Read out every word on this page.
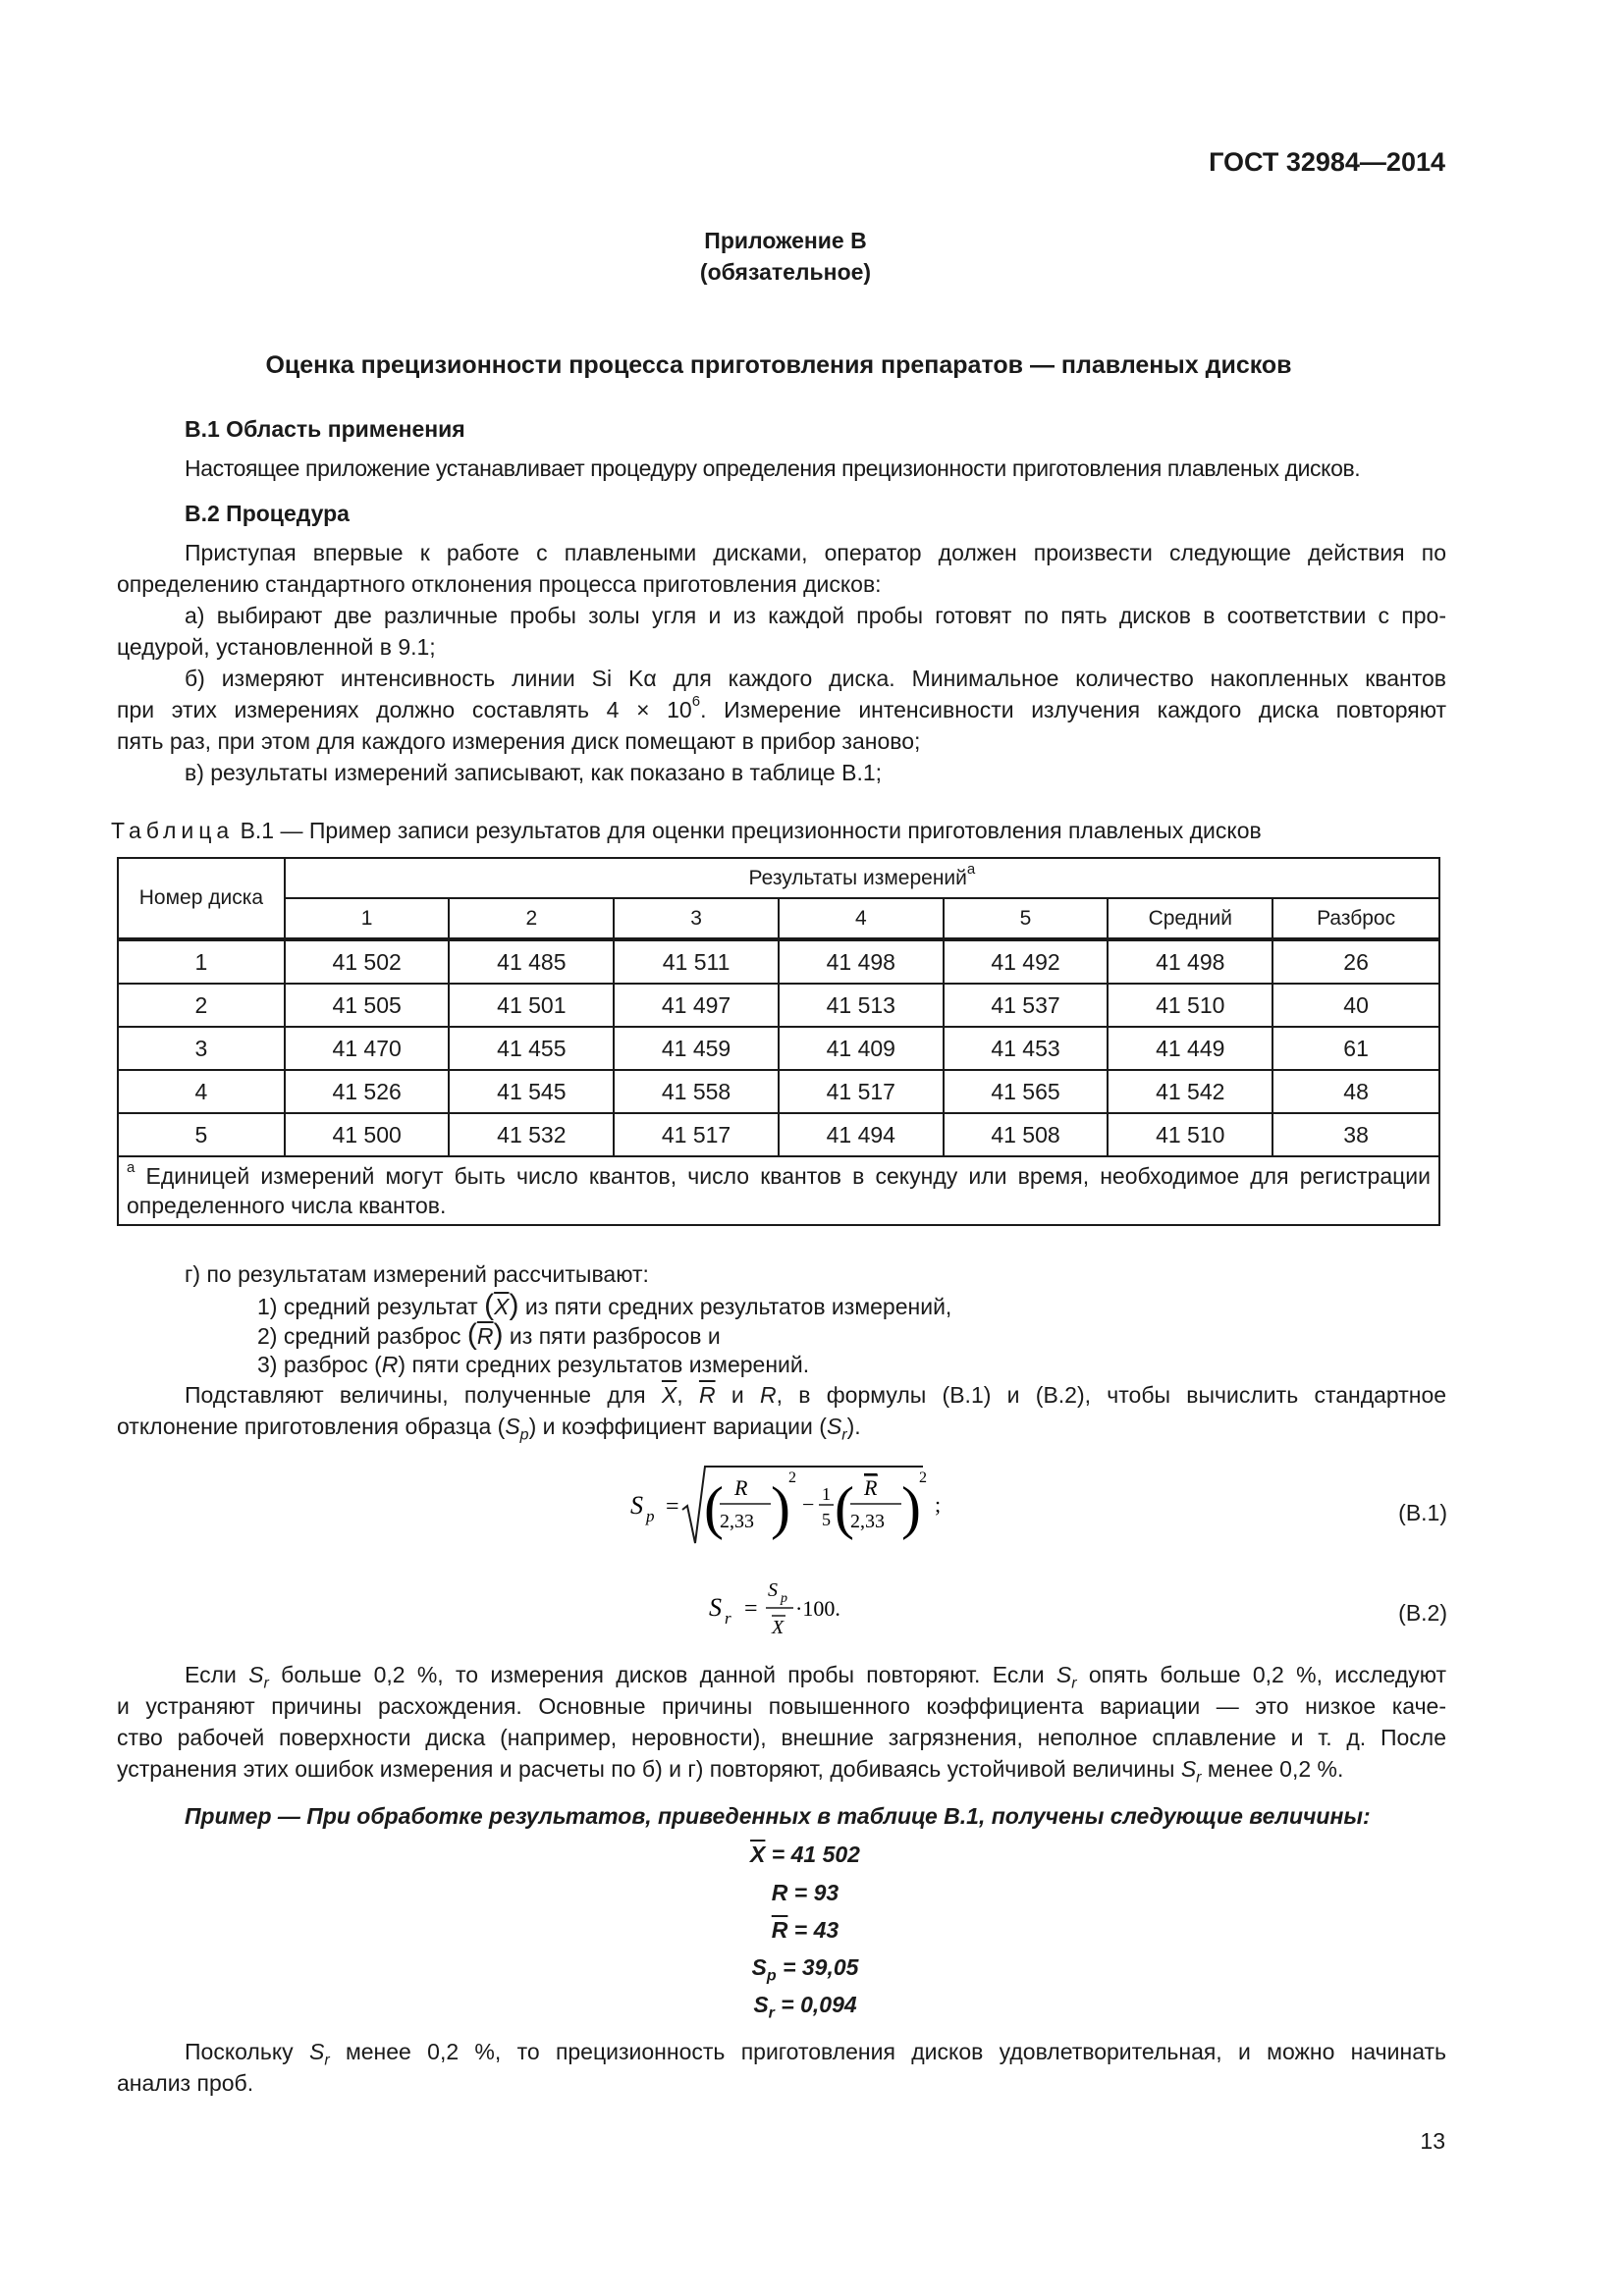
ГОСТ 32984—2014
Приложение В
(обязательное)
Оценка прецизионности процесса приготовления препаратов — плавленых дисков
В.1 Область применения
Настоящее приложение устанавливает процедуру определения прецизионности приготовления плавленых дисков.
В.2 Процедура
Приступая впервые к работе с плавлеными дисками, оператор должен произвести следующие действия по
определению стандартного отклонения процесса приготовления дисков:
а) выбирают две различные пробы золы угля и из каждой пробы готовят по пять дисков в соответствии с про-
цедурой, установленной в 9.1;
б) измеряют интенсивность линии Si Kα для каждого диска. Минимальное количество накопленных квантов
при этих измерениях должно составлять $4 \times 10^6$. Измерение интенсивности излучения каждого диска повторяют
пять раз, при этом для каждого измерения диск помещают в прибор заново;
в) результаты измерений записывают, как показано в таблице В.1;
Таблица В.1 — Пример записи результатов для оценки прецизионности приготовления плавленых дисков
Номер диска	Результаты измерений$^a$
	1	2	3	4	5	Средний	Разброс
1	41 502	41 485	41 511	41 498	41 492	41 498	26
2	41 505	41 501	41 497	41 513	41 537	41 510	40
3	41 470	41 455	41 459	41 409	41 453	41 449	61
4	41 526	41 545	41 558	41 517	41 565	41 542	48
5	41 500	41 532	41 517	41 494	41 508	41 510	38
$^a$ Единицей измерений могут быть число квантов, число квантов в секунду или время, необходимое для регистрации определенного числа квантов.							
г) по результатам измерений рассчитывают:
1) средний результат $(\overline{X})$ из пяти средних результатов измерений,
2) средний разброс $(\overline{R})$ из пяти разбросов и
3) разброс (R) пяти средних результатов измерений.
Подставляют величины, полученные для $\overline{X}$, $\overline{R}$ и R, в формулы (В.1) и (В.2), чтобы вычислить стандартное
отклонение приготовления образца $(S_p)$ и коэффициент вариации $(S_r)$.
S p = ( R
2,33 )
2
− 1
5 ( R
2,33 )
2
;	(В.1)
S r =
S p
X
·100.	(В.2)
Если $S_r$ больше 0,2 %, то измерения дисков данной пробы повторяют. Если $S_r$ опять больше 0,2 %, исследуют
и устраняют причины расхождения. Основные причины повышенного коэффициента вариации — это низкое каче-
ство рабочей поверхности диска (например, неровности), внешние загрязнения, неполное сплавление и т. д. После
устранения этих ошибок измерения и расчеты по б) и г) повторяют, добиваясь устойчивой величины $S_r$ менее 0,2 %.
Пример — При обработке результатов, приведенных в таблице В.1, получены следующие величины:
$\overline{X} = 41$ 502
R = 93
$\overline{R} = 43$
$S_p = 39,05$
$S_r = 0,094$
Поскольку $S_r$ менее 0,2 %, то прецизионность приготовления дисков удовлетворительная, и можно начинать
анализ проб.
13
